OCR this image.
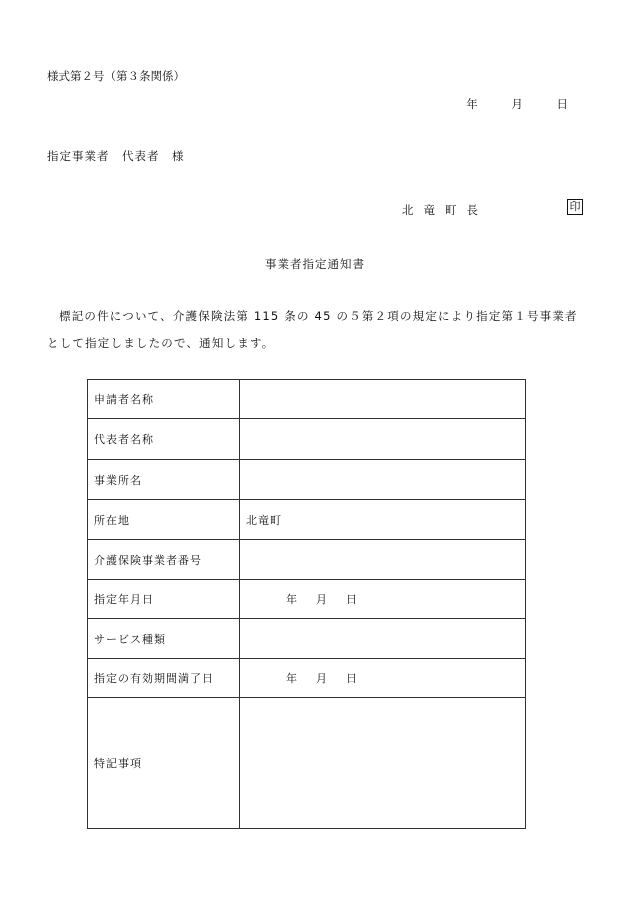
様式第２号（第３条関係）
年	月	日
指定事業者　代表者　様
北竜町長	印
事業者指定通知書
標記の件について、介護保険法第 115 条の 45 の５第２項の規定により指定第１号事業者として指定しましたので、通知します。
申請者名称	
代表者名称	
事業所名	
所在地	北竜町
介護保険事業者番号	
指定年月日	年 月 日
サービス種類	
指定の有効期間満了日	年 月 日
特記事項	
